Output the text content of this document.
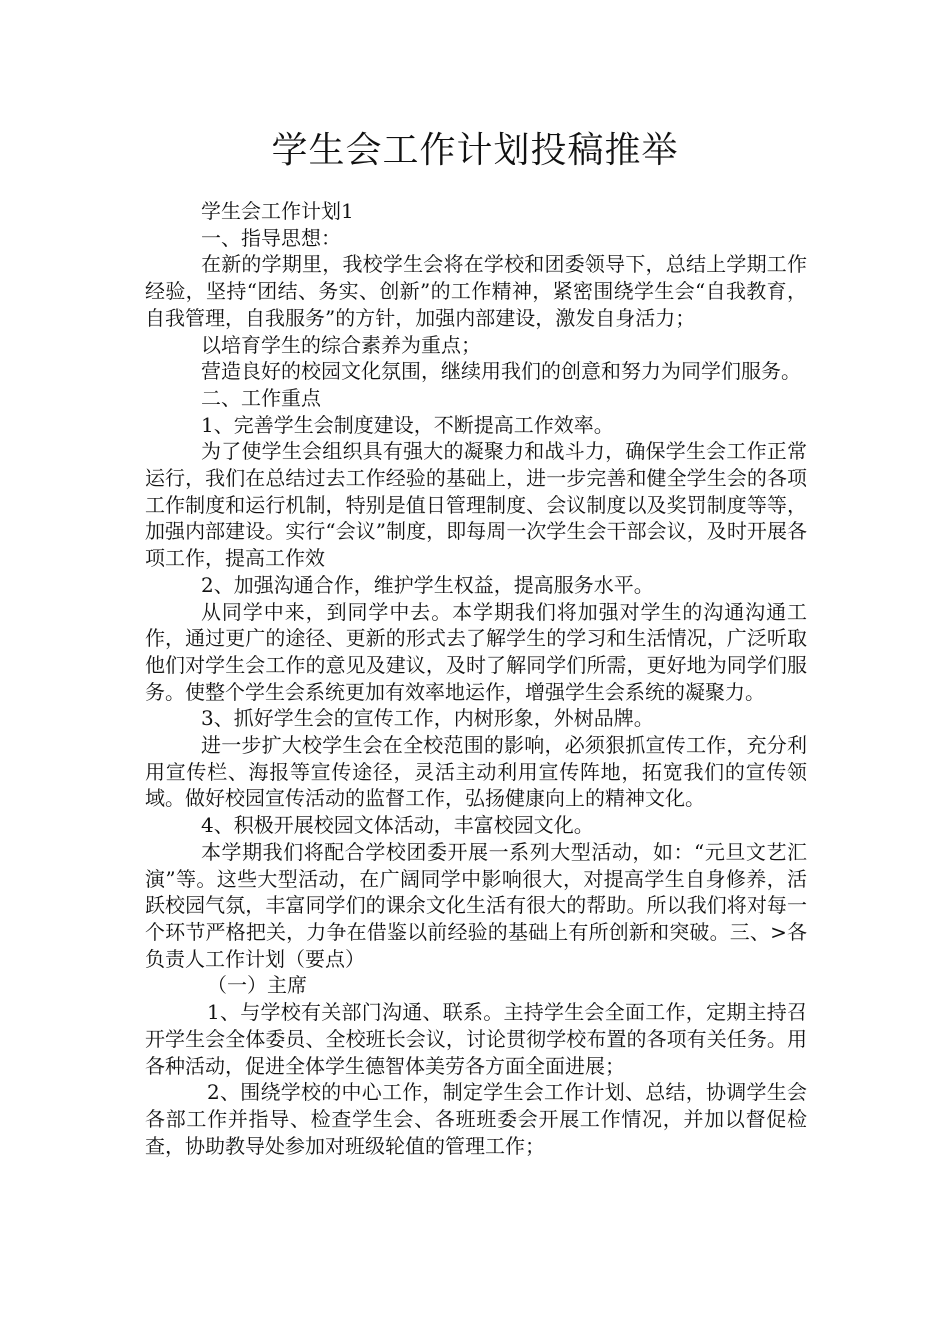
学生会工作计划投稿推举

学生会工作计划1

一、指导思想：

在新的学期里，我校学生会将在学校和团委领导下，总结上学期工作经验，坚持“团结、务实、创新”的工作精神，紧密围绕学生会“自我教育，自我管理，自我服务”的方针，加强内部建设，激发自身活力；

以培育学生的综合素养为重点；

营造良好的校园文化氛围，继续用我们的创意和努力为同学们服务。

二、工作重点

1、完善学生会制度建设，不断提高工作效率。

为了使学生会组织具有强大的凝聚力和战斗力，确保学生会工作正常运行，我们在总结过去工作经验的基础上，进一步完善和健全学生会的各项工作制度和运行机制，特别是值日管理制度、会议制度以及奖罚制度等等，加强内部建设。实行“会议”制度，即每周一次学生会干部会议，及时开展各项工作，提高工作效

2、加强沟通合作，维护学生权益，提高服务水平。

从同学中来，到同学中去。本学期我们将加强对学生的沟通沟通工作，通过更广的途径、更新的形式去了解学生的学习和生活情况，广泛听取他们对学生会工作的意见及建议，及时了解同学们所需，更好地为同学们服务。使整个学生会系统更加有效率地运作，增强学生会系统的凝聚力。

3、抓好学生会的宣传工作，内树形象，外树品牌。

进一步扩大校学生会在全校范围的影响，必须狠抓宣传工作，充分利用宣传栏、海报等宣传途径，灵活主动利用宣传阵地，拓宽我们的宣传领域。做好校园宣传活动的监督工作，弘扬健康向上的精神文化。

4、积极开展校园文体活动，丰富校园文化。

本学期我们将配合学校团委开展一系列大型活动，如：“元旦文艺汇演”等。这些大型活动，在广阔同学中影响很大，对提高学生自身修养，活跃校园气氛，丰富同学们的课余文化生活有很大的帮助。所以我们将对每一个环节严格把关，力争在借鉴以前经验的基础上有所创新和突破。三、>各负责人工作计划（要点）

（一）主席

1、与学校有关部门沟通、联系。主持学生会全面工作，定期主持召开学生会全体委员、全校班长会议，讨论贯彻学校布置的各项有关任务。用各种活动，促进全体学生德智体美劳各方面全面进展；

2、围绕学校的中心工作，制定学生会工作计划、总结，协调学生会各部工作并指导、检查学生会、各班班委会开展工作情况，并加以督促检查，协助教导处参加对班级轮值的管理工作；
